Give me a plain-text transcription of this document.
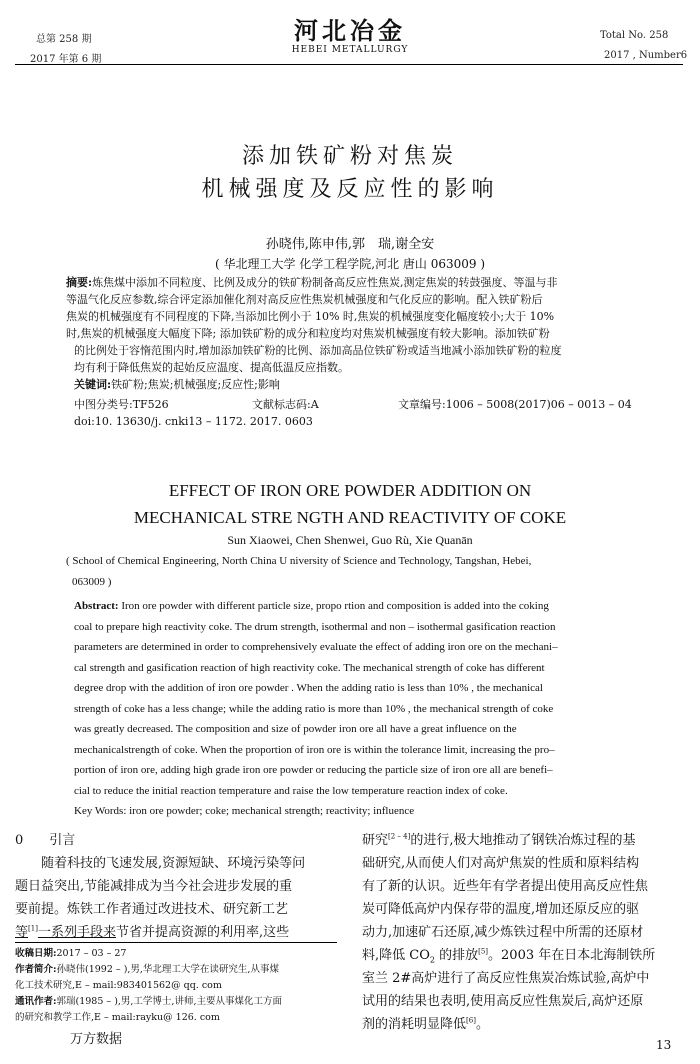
总第 258 期
2017 年第 6 期
河北冶金
HEBEI METALLURGY
Total No. 258
2017 , Number6
添加铁矿粉对焦炭
机械强度及反应性的影响
孙晓伟,陈申伟,郭　瑞,谢全安
( 华北理工大学 化学工程学院,河北 唐山 063009 )
摘要:炼焦煤中添加不同粒度、比例及成分的铁矿粉制备高反应性焦炭,测定焦炭的转鼓强度、等温与非
等温气化反应参数,综合评定添加催化剂对高反应性焦炭机械强度和气化反应的影响。配入铁矿粉后
焦炭的机械强度有不同程度的下降,当添加比例小于 10% 时,焦炭的机械强度变化幅度较小;大于 10%
时,焦炭的机械强度大幅度下降; 添加铁矿粉的成分和粒度均对焦炭机械强度有较大影响。添加铁矿粉
的比例处于容惰范围内时,增加添加铁矿粉的比例、添加高品位铁矿粉或适当地减小添加铁矿粉的粒度
均有利于降低焦炭的起始反应温度、提高低温反应指数。
关键词:铁矿粉;焦炭;机械强度;反应性;影响
中图分类号:TF526	文献标志码:A	文章编号:1006 – 5008(2017)06 – 0013 – 04
doi:10. 13630/j. cnki13 – 1172. 2017. 0603
EFFECT OF IRON ORE POWDER ADDITION ON
MECHANICAL STRE NGTH AND REACTIVITY OF COKE
Sun Xiaowei, Chen Shenwei, Guo Rù, Xie Quanān
( School of Chemical Engineering, North China U niversity of Science and Technology, Tangshan, Hebei,
063009 )
Abstract: Iron ore powder with different particle size, propo rtion and composition is added into the coking
coal to prepare high reactivity coke. The drum strength, isothermal and non – isothermal gasification reaction
parameters are determined in order to comprehensively evaluate the effect of adding iron ore on the mechani–
cal strength and gasification reaction of high reactivity coke. The mechanical strength of coke has different
degree drop with the addition of iron ore powder . When the adding ratio is less than 10% , the mechanical
strength of coke has a less change; while the adding ratio is more than 10% , the mechanical strength of coke
was greatly decreased. The composition and size of powder iron ore all have a great influence on the
mechanicalstrength of coke. When the proportion of iron ore is within the tolerance limit, increasing the pro–
portion of iron ore, adding high grade iron ore powder or reducing the particle size of iron ore all are benefi–
cial to reduce the initial reaction temperature and raise the low temperature reaction index of coke.
Key Words: iron ore powder; coke; mechanical strength; reactivity; influence
0 引言
随着科技的飞速发展,资源短缺、环境污染等问
题日益突出,节能减排成为当今社会进步发展的重
要前提。炼铁工作者通过改进技术、研究新工艺
等[1]一系列手段来节省并提高资源的利用率,这些
收稿日期:2017 – 03 – 27
作者简介:孙晓伟(1992 – ),男,华北理工大学在读研究生,从事煤
化工技术研究,E – mail:983401562@ qq. com
通讯作者:郭瑞(1985 – ),男,工学博士,讲师,主要从事煤化工方面
的研究和教学工作,E – mail:rayku@ 126. com
万方数据
研究[2 – 4]的进行,极大地推动了钢铁冶炼过程的基
础研究,从而使人们对高炉焦炭的性质和原料结构
有了新的认识。近些年有学者提出使用高反应性焦
炭可降低高炉内保存带的温度,增加还原反应的驱
动力,加速矿石还原,减少炼铁过程中所需的还原材
料,降低 $CO_2$ 的排放[5]。2003 年在日本北海制铁所
室兰 2#高炉进行了高反应性焦炭冶炼试验,高炉中
试用的结果也表明,使用高反应性焦炭后,高炉还原
剂的消耗明显降低[6]。
13
